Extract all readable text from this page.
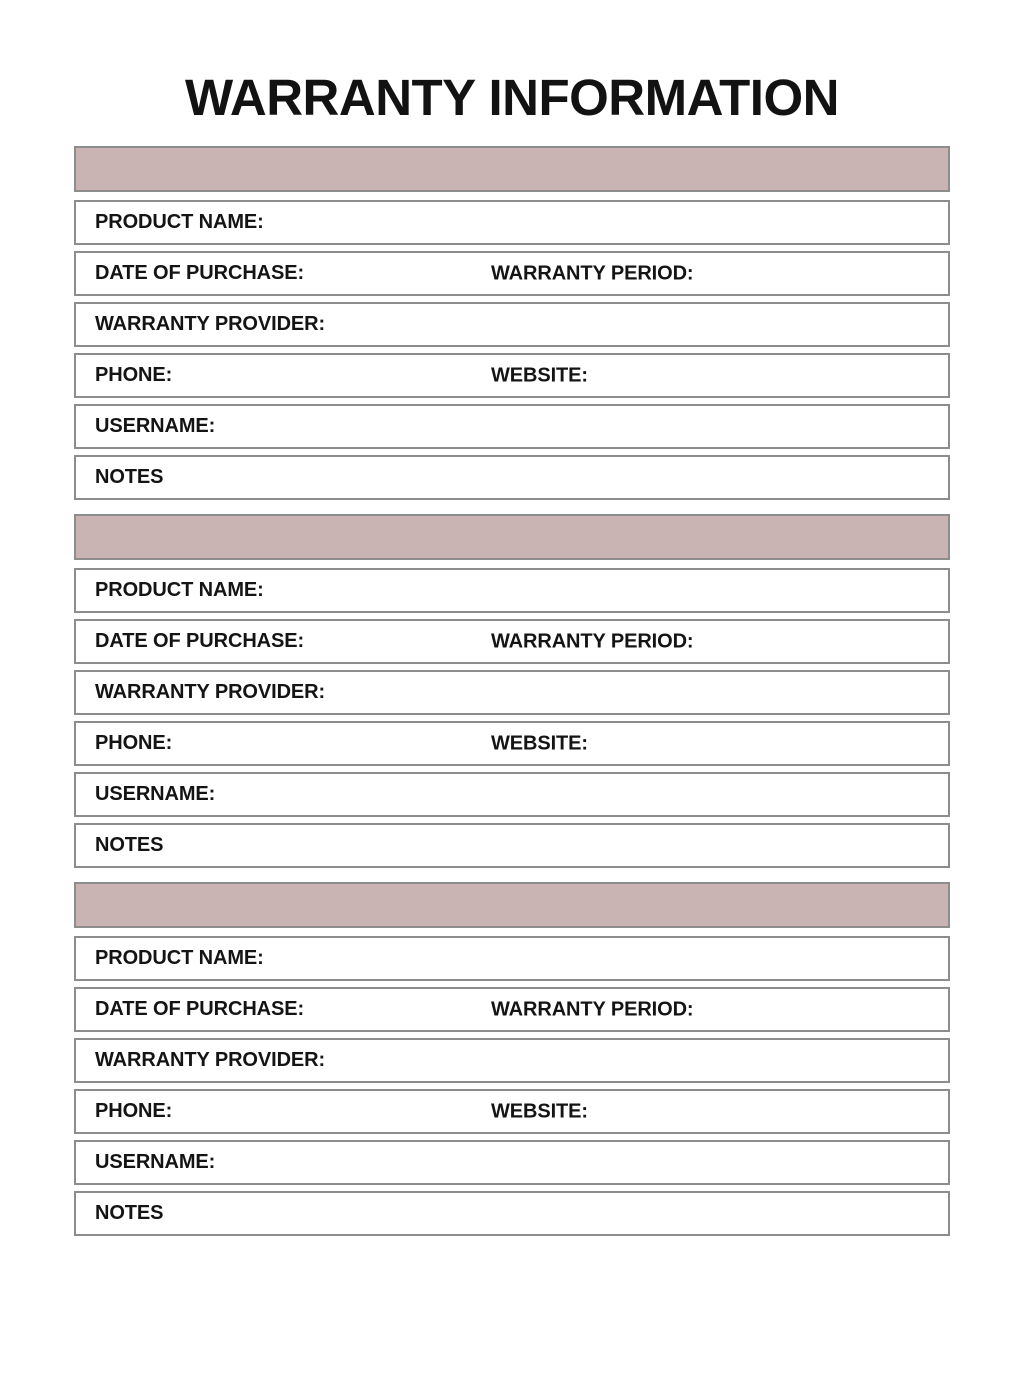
WARRANTY INFORMATION
PRODUCT NAME:
DATE OF PURCHASE:	WARRANTY PERIOD:
WARRANTY PROVIDER:
PHONE:	WEBSITE:
USERNAME:
NOTES
PRODUCT NAME:
DATE OF PURCHASE:	WARRANTY PERIOD:
WARRANTY PROVIDER:
PHONE:	WEBSITE:
USERNAME:
NOTES
PRODUCT NAME:
DATE OF PURCHASE:	WARRANTY PERIOD:
WARRANTY PROVIDER:
PHONE:	WEBSITE:
USERNAME:
NOTES
